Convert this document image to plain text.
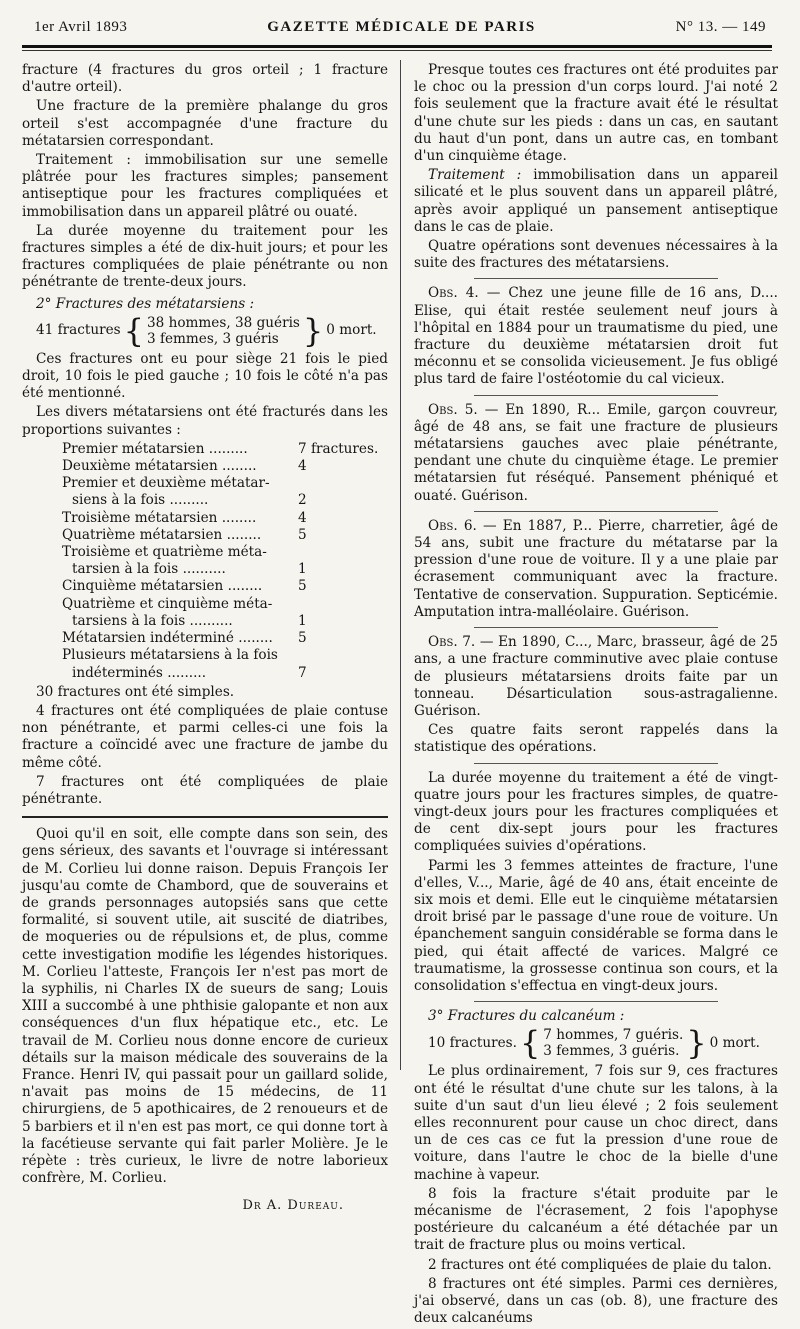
1er Avril 1893	GAZETTE MÉDICALE DE PARIS	N° 13. — 149

fracture (4 fractures du gros orteil ; 1 fracture d'autre orteil).

Une fracture de la première phalange du gros orteil s'est accompagnée d'une fracture du métatarsien correspondant.

Traitement : immobilisation sur une semelle plâtrée pour les fractures simples; pansement antiseptique pour les fractures compliquées et immobilisation dans un appareil plâtré ou ouaté.

La durée moyenne du traitement pour les fractures simples a été de dix-huit jours; et pour les fractures compliquées de plaie pénétrante ou non pénétrante de trente-deux jours.

2° Fractures des métatarsiens :

41 fractures { 38 hommes, 38 guéris
3 femmes, 3 guéris } 0 mort.

Ces fractures ont eu pour siège 21 fois le pied droit, 10 fois le pied gauche ; 10 fois le côté n'a pas été mentionné.

Les divers métatarsiens ont été fracturés dans les proportions suivantes :

Premier métatarsien .........	7 fractures.
Deuxième métatarsien ........	4
Premier et deuxième métatar-
siens à la fois .........	2
Troisième métatarsien ........	4
Quatrième métatarsien ........	5
Troisième et quatrième méta-
tarsien à la fois ..........	1
Cinquième métatarsien ........	5
Quatrième et cinquième méta-
tarsiens à la fois ..........	1
Métatarsien indéterminé ........ 5
Plusieurs métatarsiens à la fois
indéterminés .........	7

30 fractures ont été simples.

4 fractures ont été compliquées de plaie contuse non pénétrante, et parmi celles-ci une fois la fracture a coïncidé avec une fracture de jambe du même côté.

7 fractures ont été compliquées de plaie pénétrante.

Quoi qu'il en soit, elle compte dans son sein, des gens sérieux, des savants et l'ouvrage si intéressant de M. Corlieu lui donne raison. Depuis François Ier jusqu'au comte de Chambord, que de souverains et de grands personnages autopsiés sans que cette formalité, si souvent utile, ait suscité de diatribes, de moqueries ou de répulsions et, de plus, comme cette investigation modifie les légendes historiques. M. Corlieu l'atteste, François Ier n'est pas mort de la syphilis, ni Charles IX de sueurs de sang; Louis XIII a succombé à une phthisie galopante et non aux conséquences d'un flux hépatique etc., etc. Le travail de M. Corlieu nous donne encore de curieux détails sur la maison médicale des souverains de la France. Henri IV, qui passait pour un gaillard solide, n'avait pas moins de 15 médecins, de 11 chirurgiens, de 5 apothicaires, de 2 renoueurs et de 5 barbiers et il n'en est pas mort, ce qui donne tort à la facétieuse servante qui fait parler Molière. Je le répète : très curieux, le livre de notre laborieux confrère, M. Corlieu.

Dr A. Dureau.

Presque toutes ces fractures ont été produites par le choc ou la pression d'un corps lourd. J'ai noté 2 fois seulement que la fracture avait été le résultat d'une chute sur les pieds : dans un cas, en sautant du haut d'un pont, dans un autre cas, en tombant d'un cinquième étage.

Traitement : immobilisation dans un appareil silicaté et le plus souvent dans un appareil plâtré, après avoir appliqué un pansement antiseptique dans le cas de plaie.

Quatre opérations sont devenues nécessaires à la suite des fractures des métatarsiens.

Obs. 4. — Chez une jeune fille de 16 ans, D.... Elise, qui était restée seulement neuf jours à l'hôpital en 1884 pour un traumatisme du pied, une fracture du deuxième métatarsien droit fut méconnu et se consolida vicieusement. Je fus obligé plus tard de faire l'ostéotomie du cal vicieux.

Obs. 5. — En 1890, R... Emile, garçon couvreur, âgé de 48 ans, se fait une fracture de plusieurs métatarsiens gauches avec plaie pénétrante, pendant une chute du cinquième étage. Le premier métatarsien fut réséqué. Pansement phéniqué et ouaté. Guérison.

Obs. 6. — En 1887, P... Pierre, charretier, âgé de 54 ans, subit une fracture du métatarse par la pression d'une roue de voiture. Il y a une plaie par écrasement communiquant avec la fracture. Tentative de conservation. Suppuration. Septicémie. Amputation intra-malléolaire. Guérison.

Obs. 7. — En 1890, C..., Marc, brasseur, âgé de 25 ans, a une fracture comminutive avec plaie contuse de plusieurs métatarsiens droits faite par un tonneau. Désarticulation sous-astragalienne. Guérison.

Ces quatre faits seront rappelés dans la statistique des opérations.

La durée moyenne du traitement a été de vingt-quatre jours pour les fractures simples, de quatre-vingt-deux jours pour les fractures compliquées et de cent dix-sept jours pour les fractures compliquées suivies d'opérations.

Parmi les 3 femmes atteintes de fracture, l'une d'elles, V..., Marie, âgé de 40 ans, était enceinte de six mois et demi. Elle eut le cinquième métatarsien droit brisé par le passage d'une roue de voiture. Un épanchement sanguin considérable se forma dans le pied, qui était affecté de varices. Malgré ce traumatisme, la grossesse continua son cours, et la consolidation s'effectua en vingt-deux jours.

3° Fractures du calcanéum :

10 fractures. { 7 hommes, 7 guéris.
3 femmes, 3 guéris. } 0 mort.

Le plus ordinairement, 7 fois sur 9, ces fractures ont été le résultat d'une chute sur les talons, à la suite d'un saut d'un lieu élevé ; 2 fois seulement elles reconnurent pour cause un choc direct, dans un de ces cas ce fut la pression d'une roue de voiture, dans l'autre le choc de la bielle d'une machine à vapeur.

8 fois la fracture s'était produite par le mécanisme de l'écrasement, 2 fois l'apophyse postérieure du calcanéum a été détachée par un trait de fracture plus ou moins vertical.

2 fractures ont été compliquées de plaie du talon.

8 fractures ont été simples. Parmi ces dernières, j'ai observé, dans un cas (ob. 8), une fracture des deux calcanéums
